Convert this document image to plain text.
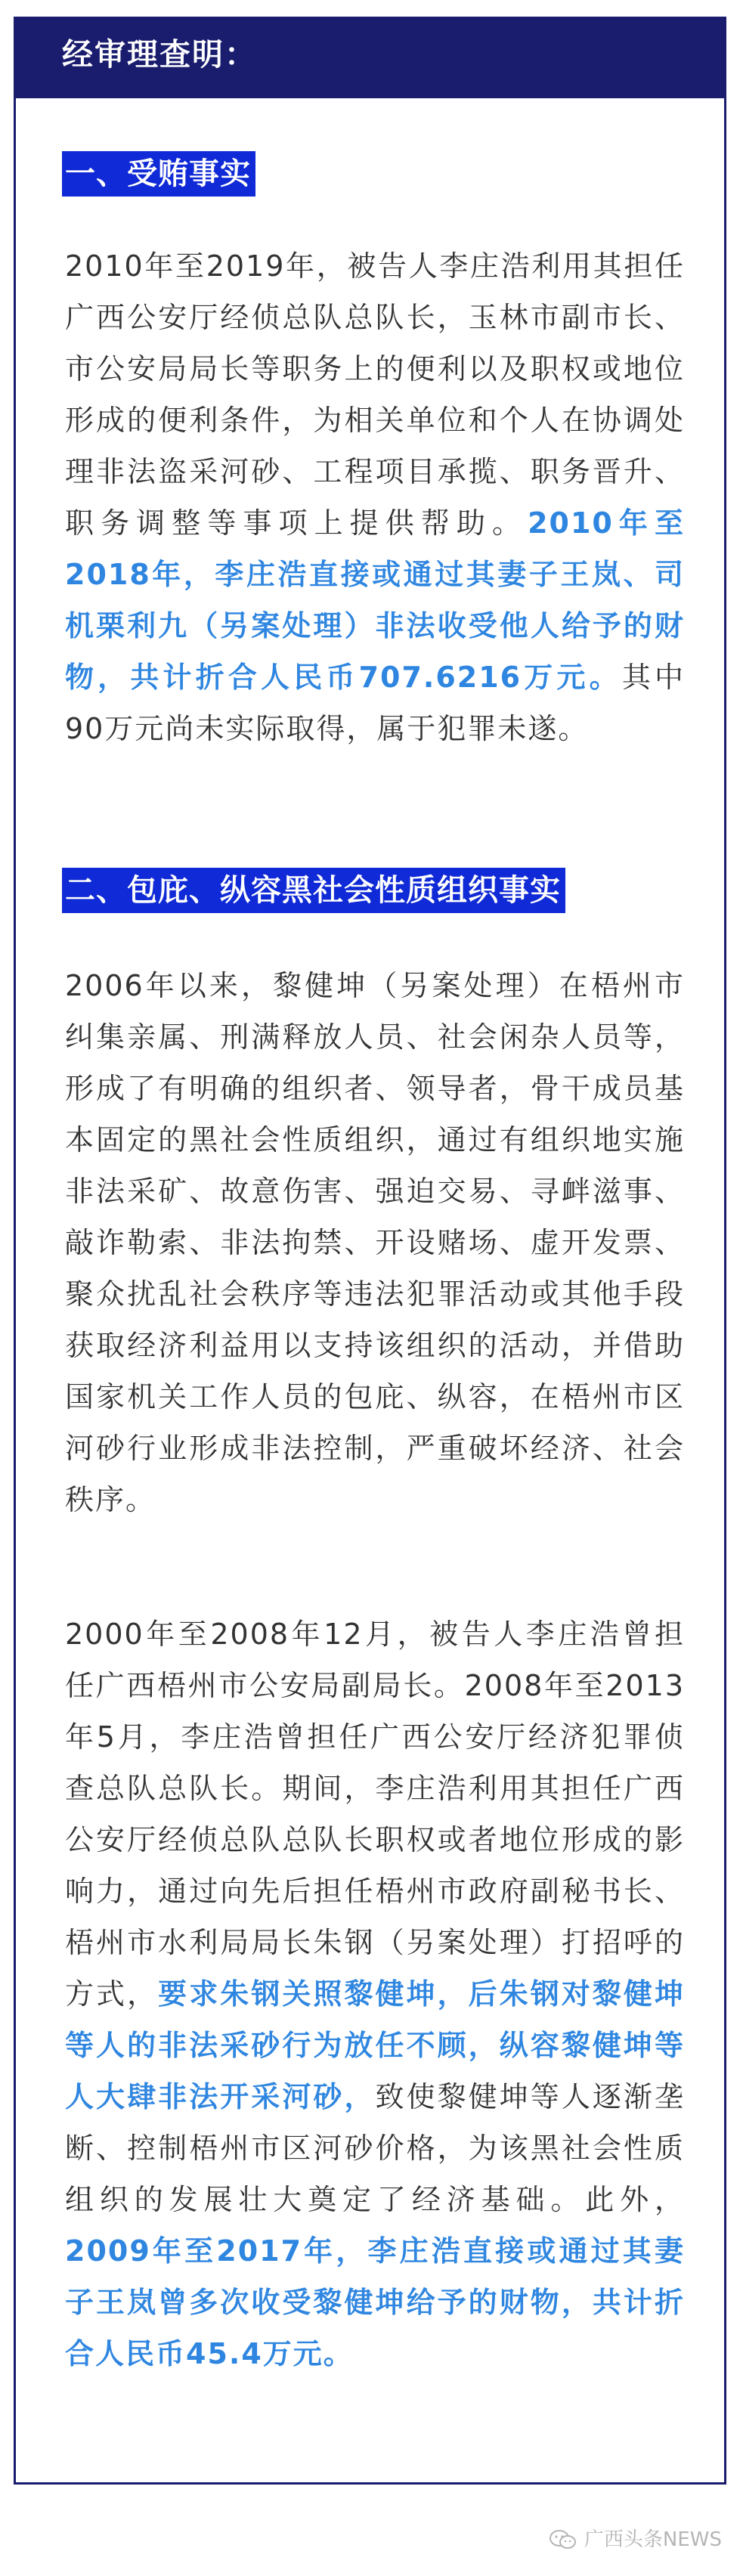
经审理查明：
一、受贿事实
2010年至2019年，被告人李庄浩利用其担任广西公安厅经侦总队总队长，玉林市副市长、市公安局局长等职务上的便利以及职权或地位形成的便利条件，为相关单位和个人在协调处理非法盗采河砂、工程项目承揽、职务晋升、职务调整等事项上提供帮助。2010年至2018年，李庄浩直接或通过其妻子王岚、司机栗利九（另案处理）非法收受他人给予的财物，共计折合人民币707.6216万元。其中90万元尚未实际取得，属于犯罪未遂。
二、包庇、纵容黑社会性质组织事实
2006年以来，黎健坤（另案处理）在梧州市纠集亲属、刑满释放人员、社会闲杂人员等，形成了有明确的组织者、领导者，骨干成员基本固定的黑社会性质组织，通过有组织地实施非法采矿、故意伤害、强迫交易、寻衅滋事、敲诈勒索、非法拘禁、开设赌场、虚开发票、聚众扰乱社会秩序等违法犯罪活动或其他手段获取经济利益用以支持该组织的活动，并借助国家机关工作人员的包庇、纵容，在梧州市区河砂行业形成非法控制，严重破坏经济、社会秩序。
2000年至2008年12月，被告人李庄浩曾担任广西梧州市公安局副局长。2008年至2013年5月，李庄浩曾担任广西公安厅经济犯罪侦查总队总队长。期间，李庄浩利用其担任广西公安厅经侦总队总队长职权或者地位形成的影响力，通过向先后担任梧州市政府副秘书长、梧州市水利局局长朱钢（另案处理）打招呼的方式，要求朱钢关照黎健坤，后朱钢对黎健坤等人的非法采砂行为放任不顾，纵容黎健坤等人大肆非法开采河砂，致使黎健坤等人逐渐垄断、控制梧州市区河砂价格，为该黑社会性质组织的发展壮大奠定了经济基础。此外，2009年至2017年，李庄浩直接或通过其妻子王岚曾多次收受黎健坤给予的财物，共计折合人民币45.4万元。
广西头条NEWS
